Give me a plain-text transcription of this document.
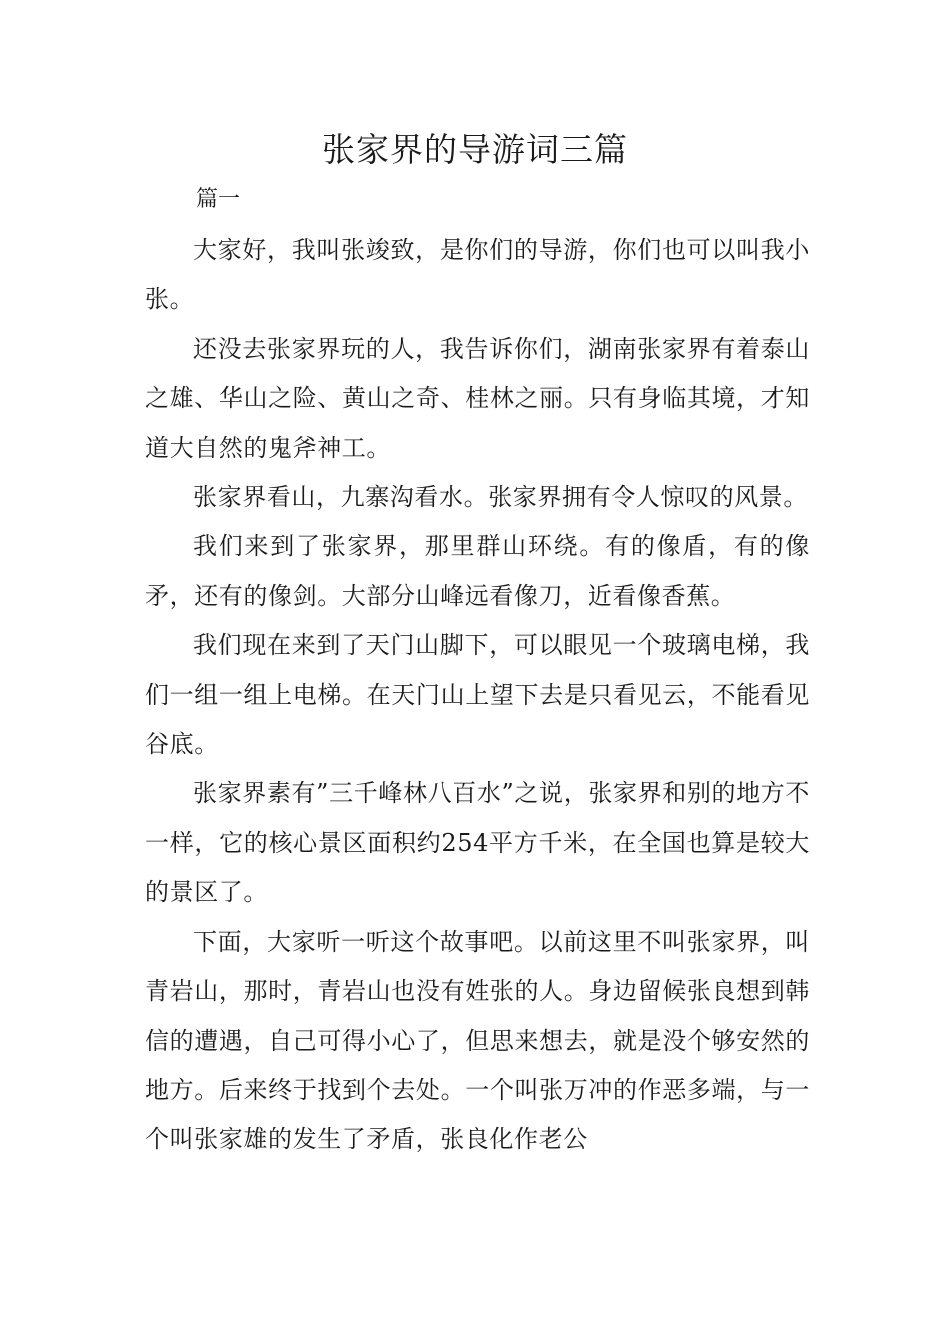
张家界的导游词三篇

篇一

大家好，我叫张竣致，是你们的导游，你们也可以叫我小张。

还没去张家界玩的人，我告诉你们，湖南张家界有着泰山之雄、华山之险、黄山之奇、桂林之丽。只有身临其境，才知道大自然的鬼斧神工。

张家界看山，九寨沟看水。张家界拥有令人惊叹的风景。

我们来到了张家界，那里群山环绕。有的像盾，有的像矛，还有的像剑。大部分山峰远看像刀，近看像香蕉。

我们现在来到了天门山脚下，可以眼见一个玻璃电梯，我们一组一组上电梯。在天门山上望下去是只看见云，不能看见谷底。

张家界素有”三千峰林八百水”之说，张家界和别的地方不一样，它的核心景区面积约254平方千米，在全国也算是较大的景区了。

下面，大家听一听这个故事吧。以前这里不叫张家界，叫青岩山，那时，青岩山也没有姓张的人。身边留候张良想到韩信的遭遇，自己可得小心了，但思来想去，就是没个够安然的地方。后来终于找到个去处。一个叫张万冲的作恶多端，与一个叫张家雄的发生了矛盾，张良化作老公
